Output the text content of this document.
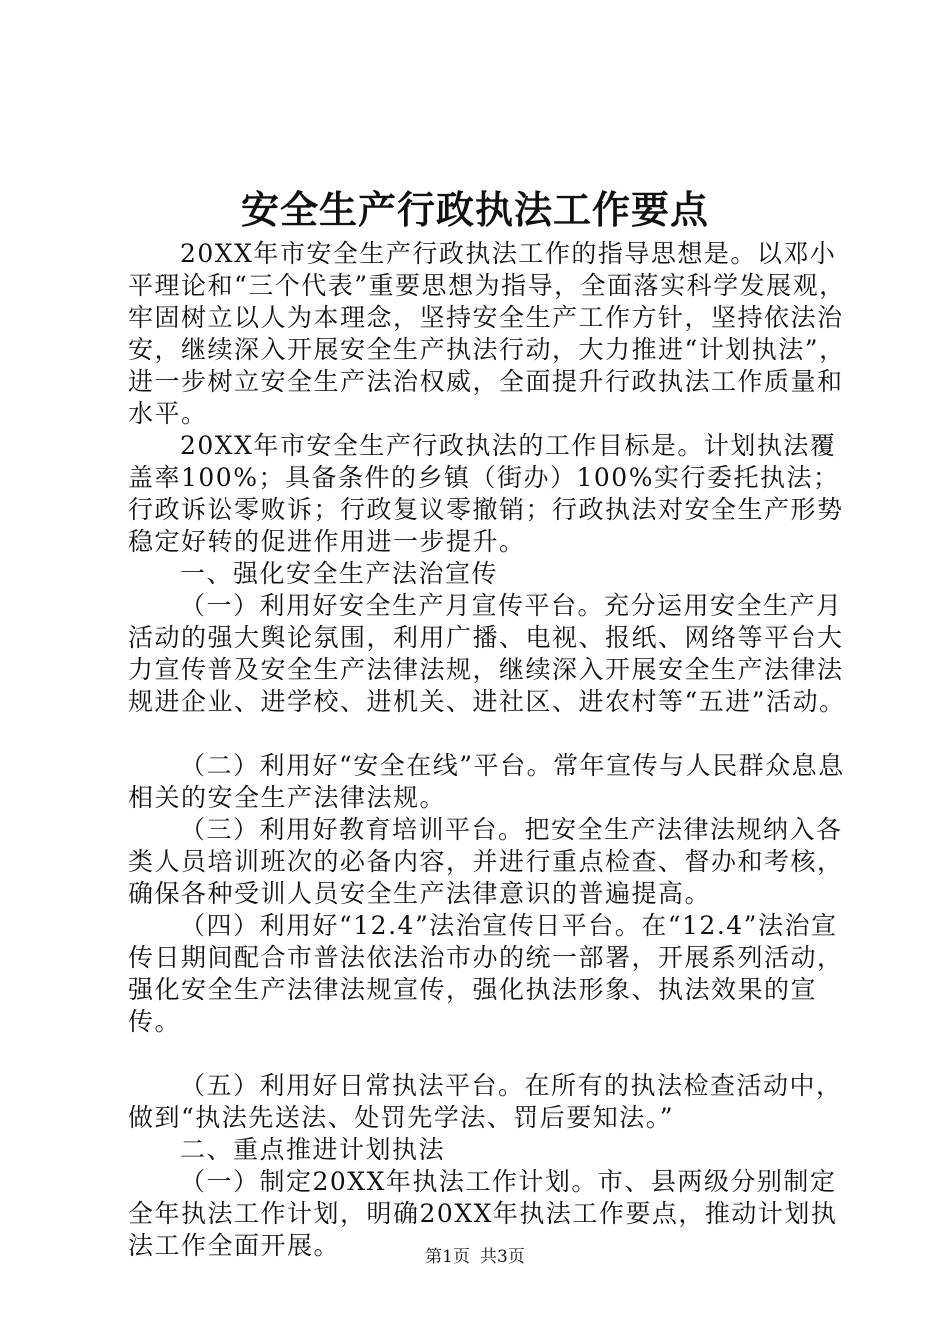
安全生产行政执法工作要点

20XX年市安全生产行政执法工作的指导思想是。以邓小平理论和“三个代表”重要思想为指导，全面落实科学发展观，牢固树立以人为本理念，坚持安全生产工作方针，坚持依法治安，继续深入开展安全生产执法行动，大力推进“计划执法”，进一步树立安全生产法治权威，全面提升行政执法工作质量和水平。

20XX年市安全生产行政执法的工作目标是。计划执法覆盖率100%；具备条件的乡镇（街办）100%实行委托执法；行政诉讼零败诉；行政复议零撤销；行政执法对安全生产形势稳定好转的促进作用进一步提升。

一、强化安全生产法治宣传

（一）利用好安全生产月宣传平台。充分运用安全生产月活动的强大舆论氛围，利用广播、电视、报纸、网络等平台大力宣传普及安全生产法律法规，继续深入开展安全生产法律法规进企业、进学校、进机关、进社区、进农村等“五进”活动。

（二）利用好“安全在线”平台。常年宣传与人民群众息息相关的安全生产法律法规。

（三）利用好教育培训平台。把安全生产法律法规纳入各类人员培训班次的必备内容，并进行重点检查、督办和考核，确保各种受训人员安全生产法律意识的普遍提高。

（四）利用好“12.4”法治宣传日平台。在“12.4”法治宣传日期间配合市普法依法治市办的统一部署，开展系列活动，强化安全生产法律法规宣传，强化执法形象、执法效果的宣传。

（五）利用好日常执法平台。在所有的执法检查活动中，做到“执法先送法、处罚先学法、罚后要知法。”

二、重点推进计划执法

（一）制定20XX年执法工作计划。市、县两级分别制定全年执法工作计划，明确20XX年执法工作要点，推动计划执法工作全面开展。	第1页 共3页
